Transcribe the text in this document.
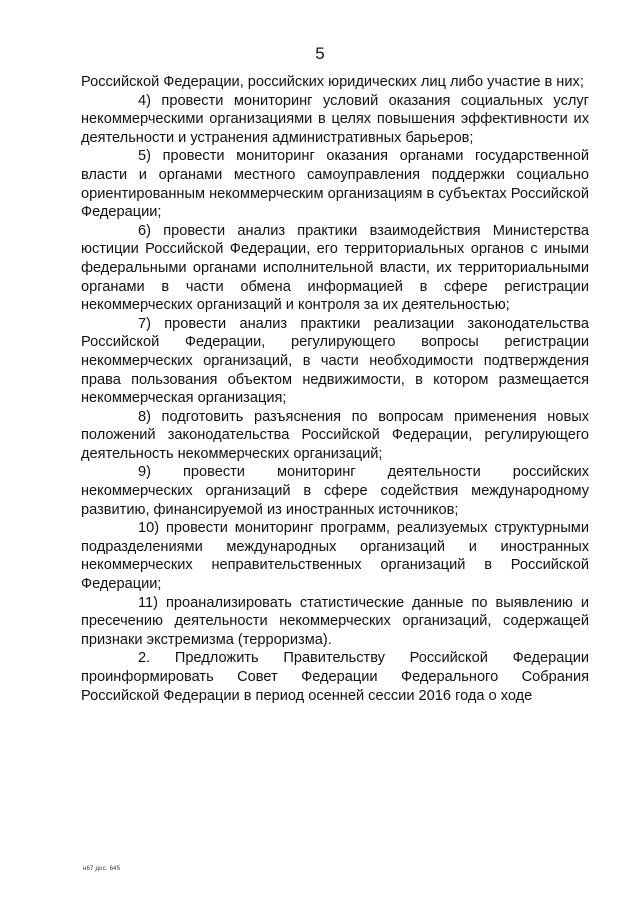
5

Российской Федерации, российских юридических лиц либо участие в них;

4) провести мониторинг условий оказания социальных услуг некоммерческими организациями в целях повышения эффективности их деятельности и устранения административных барьеров;

5) провести мониторинг оказания органами государственной власти и органами местного самоуправления поддержки социально ориентированным некоммерческим организациям в субъектах Российской Федерации;

6) провести анализ практики взаимодействия Министерства юстиции Российской Федерации, его территориальных органов с иными федеральными органами исполнительной власти, их территориальными органами в части обмена информацией в сфере регистрации некоммерческих организаций и контроля за их деятельностью;

7) провести анализ практики реализации законодательства Российской Федерации, регулирующего вопросы регистрации некоммерческих организаций, в части необходимости подтверждения права пользования объектом недвижимости, в котором размещается некоммерческая организация;

8) подготовить разъяснения по вопросам применения новых положений законодательства Российской Федерации, регулирующего деятельность некоммерческих организаций;

9) провести мониторинг деятельности российских некоммерческих организаций в сфере содействия международному развитию, финансируемой из иностранных источников;

10) провести мониторинг программ, реализуемых структурными подразделениями международных организаций и иностранных некоммерческих неправительственных организаций в Российской Федерации;

11) проанализировать статистические данные по выявлению и пресечению деятельности некоммерческих организаций, содержащей признаки экстремизма (терроризма).

2. Предложить Правительству Российской Федерации проинформировать Совет Федерации Федерального Собрания Российской Федерации в период осенней сессии 2016 года о ходе

н67 дос. 645
